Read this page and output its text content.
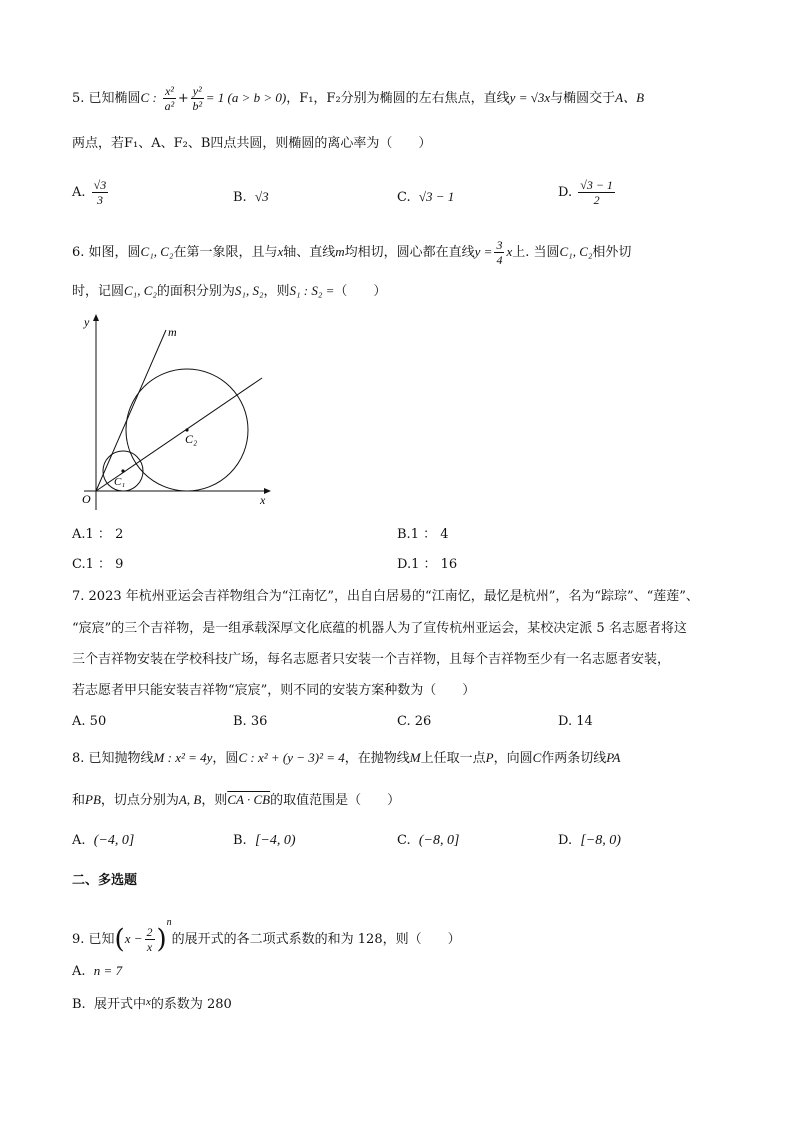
5. 已知椭圆C : $\frac{\text{x²}}{\text{a²}} + \frac{\text{y²}}{\text{b²}} = 1$ (a > b > 0)，F₁，F₂分别为椭圆的左右焦点，直线y = √3x与椭圆交于A、B
两点，若F₁、A、F₂、B四点共圆，则椭圆的离心率为（　　）
A. $\frac{√3}{3}$	B. √3	C. √3 − 1	D. $\frac{√3 - 1}{2}$
6. 如图，圆C₁, C₂在第一象限，且与x轴、直线m均相切，圆心都在直线$y = \frac{3}{4}$ x上. 当圆C₁, C₂相外切
时，记圆C₁, C₂的面积分别为S₁, S₂，则S₁ : S₂ =（　　）
y
m
O	x
C₁
C₂
A.1 ： 2	B.1 ： 4
C.1 ： 9	D.1 ： 16
7. 2023 年杭州亚运会吉祥物组合为“江南忆”，出自白居易的“江南忆，最忆是杭州”，名为“踪琮”、“莲莲”、
“宸宸”的三个吉祥物，是一组承载深厚文化底蕴的机器人为了宣传杭州亚运会，某校决定派 5 名志愿者将这
三个吉祥物安装在学校科技广场，每名志愿者只安装一个吉祥物，且每个吉祥物至少有一名志愿者安装，
若志愿者甲只能安装吉祥物“宸宸”，则不同的安装方案种数为（　　）
A. 50	B. 36	C. 26	D. 14
8. 已知抛物线M : x² = 4y，圆C : x² + (y − 3)² = 4，在抛物线M上任取一点P，向圆C作两条切线PA
和PB，切点分别为A, B，则CA · CB的取值范围是（　　）
A. (−4, 0]	B. [−4, 0)	C. (−8, 0]	D. [−8, 0)
二、多选题
9. 已知$(x - \frac{2}{x} )^n$的展开式的各二项式系数的和为 128，则（　　）
A. n = 7
B. 展开式中$^x$的系数为 280
